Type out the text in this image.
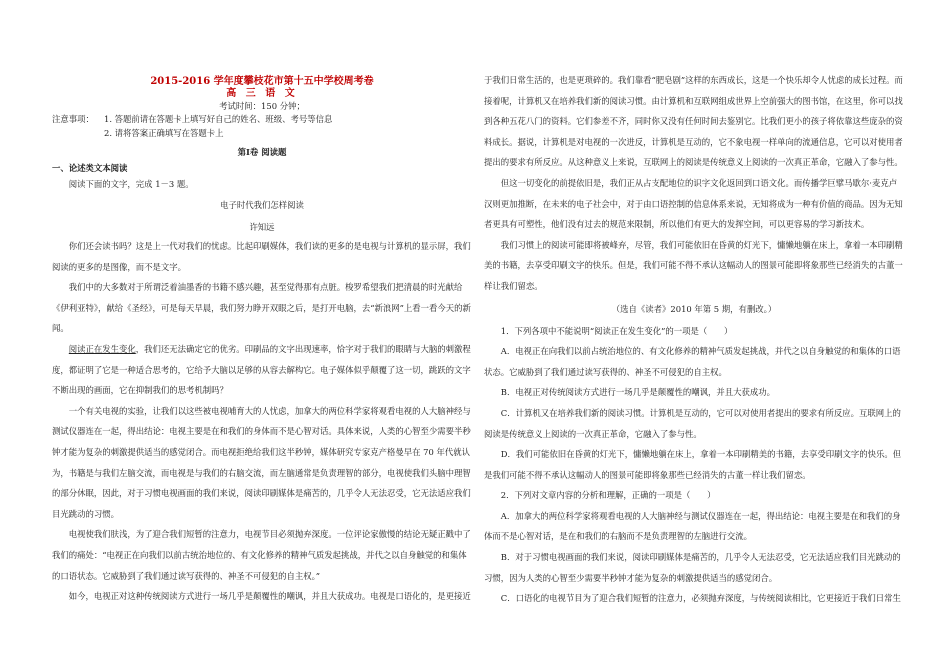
2015-2016 学年度攀枝花市第十五中学校周考卷
高 三 语 文
考试时间：150 分钟；
注意事项：	1. 答题前请在答题卡上填写好自己的姓名、班级、考号等信息
2. 请将答案正确填写在答题卡上
第Ⅰ卷 阅读题
一、论述类文本阅读

阅读下面的文字，完成 1－3 题。

电子时代我们怎样阅读

许知远

你们还会读书吗？这是上一代对我们的忧虑。比起印刷媒体，我们读的更多的是电视与计算机的显示屏，我们阅读的更多的是图像，而不是文字。

我们中的大多数对于所谓泛着油墨香的书籍不感兴趣，甚至觉得那有点脏。梭罗希望我们把清晨的时光献给《伊利亚特》，献给《圣经》，可是每天早晨，我们努力睁开双眼之后，是打开电脑，去“新浪网”上看一看今天的新闻。

阅读正在发生变化，我们还无法确定它的优劣。印刷品的文字出现速率，恰字对于我们的眼睛与大脑的刺激程度，都证明了它是一种适合思考的，它给予大脑以足够的从容去解构它。电子媒体似乎颠覆了这一切，跳跃的文字不断出现的画面，它在抑制我们的思考机制吗？

一个有关电视的实验，让我们以这些被电视哺育大的人忧虑，加拿大的两位科学家将观看电视的人大脑神经与测试仪器连在一起，得出结论：电视主要是在和我们的身体而不是心智对话。具体来说，人类的心智至少需要半秒钟才能为复杂的刺激提供适当的感觉闭合。而电视拒绝给我们这半秒钟，媒体研究专家克产格曼早在 70 年代就认为，书籍是与我们左脑交流，而电视是与我们的右脑交流，而左脑通常是负责理智的部分，电视使我们头脑中理智的部分休眠，因此，对于习惯电视画面的我们来说，阅读印刷媒体是痛苦的，几乎令人无法忍受，它无法适应我们目光跳动的习惯。

电视使我们肤浅，为了迎合我们短暂的注意力，电视节目必须抛弃深度。一位评论家傲慢的结论无疑正戳中了我们的痛处：“电视正在向我们以前古统治地位的、有文化修养的精神气质发起挑战，并代之以自身触觉的和集体的口语状态。它威胁到了我们通过读写获得的、神圣不可侵犯的自主权。”

如今，电视正对这种传统阅读方式进行一场几乎是颠覆性的嘲讽，并且大获成功。电视是口语化的，是更接近

于我们日常生活的，也是更琐碎的。我们靠看“肥皂剧”这样的东西成长，这是一个快乐却令人忧虑的成长过程。而接着呢，计算机又在培养我们新的阅读习惯。由计算机和互联网组成世界上空前强大的图书馆，在这里，你可以找到各种五花八门的资料。它们参差不齐，同时你又没有任何时间去鉴别它。比我们更小的孩子将依靠这些庞杂的资料成长。据说，计算机是对电视的一次进反，计算机是互动的，它不象电视一样单向的流通信息，它可以对使用者提出的要求有所反应。从这种意义上来说，互联网上的阅读是传统意义上阅读的一次真正革命，它融入了参与性。

但这一切变化的前提依旧是，我们正从占支配地位的识字文化返回到口语文化。而传播学巨擘马歇尔·麦克卢汉则更加推断，在未来的电子社会中，对于由口语控制的信息体系来说，无知将成为一种有价值的商品。因为无知者更具有可塑性，他们没有过去的规范来限制，所以他们有更大的发挥空间，可以更容易的学习新技术。

我们习惯上的阅读可能即将被峰弃，尽管，我们可能依旧在昏黄的灯光下，慵懒地躺在床上，拿着一本印刷精美的书籍，去享受印刷文字的快乐。但是，我们可能不得不承认这幅动人的图景可能即将象那些已经消失的古董一样让我们留恋。

（选自《读者》2010 年第 5 期，有删改。）

1．下列各项中不能说明“阅读正在发生变化”的一项是（　　）

A．电视正在向我们以前占统治地位的、有文化修养的精神气质发起挑战，并代之以自身触觉的和集体的口语状态。它威胁到了我们通过读写获得的、神圣不可侵犯的自主权。

B．电视正对传统阅读方式进行一场几乎是颠覆性的嘲讽，并且大获成功。

C．计算机又在培养我们新的阅读习惯。计算机是互动的，它可以对使用者提出的要求有所反应。互联网上的阅读是传统意义上阅读的一次真正革命，它融入了参与性。

D．我们可能依旧在昏黄的灯光下，慵懒地躺在床上，拿着一本印刷精美的书籍，去享受印刷文字的快乐。但是我们可能不得不承认这幅动人的图景可能即将象那些已经消失的古董一样让我们留恋。

2．下列对文章内容的分析和理解，正确的一项是（　　）

A．加拿大的两位科学家将观看电视的人大脑神经与测试仪器连在一起，得出结论：电视主要是在和我们的身体而不是心智对话，是在和我们的右脑而不是负责理智的左脑进行交流。

B．对于习惯电视画面的我们来说，阅读印刷媒体是痛苦的，几乎令人无法忍受，它无法适应我们目光跳动的习惯，因为人类的心智至少需要半秒钟才能为复杂的刺激提供适当的感觉闭合。

C．口语化的电视节目为了迎合我们短暂的注意力，必须抛弃深度，与传统阅读相比，它更接近于我们日常生
